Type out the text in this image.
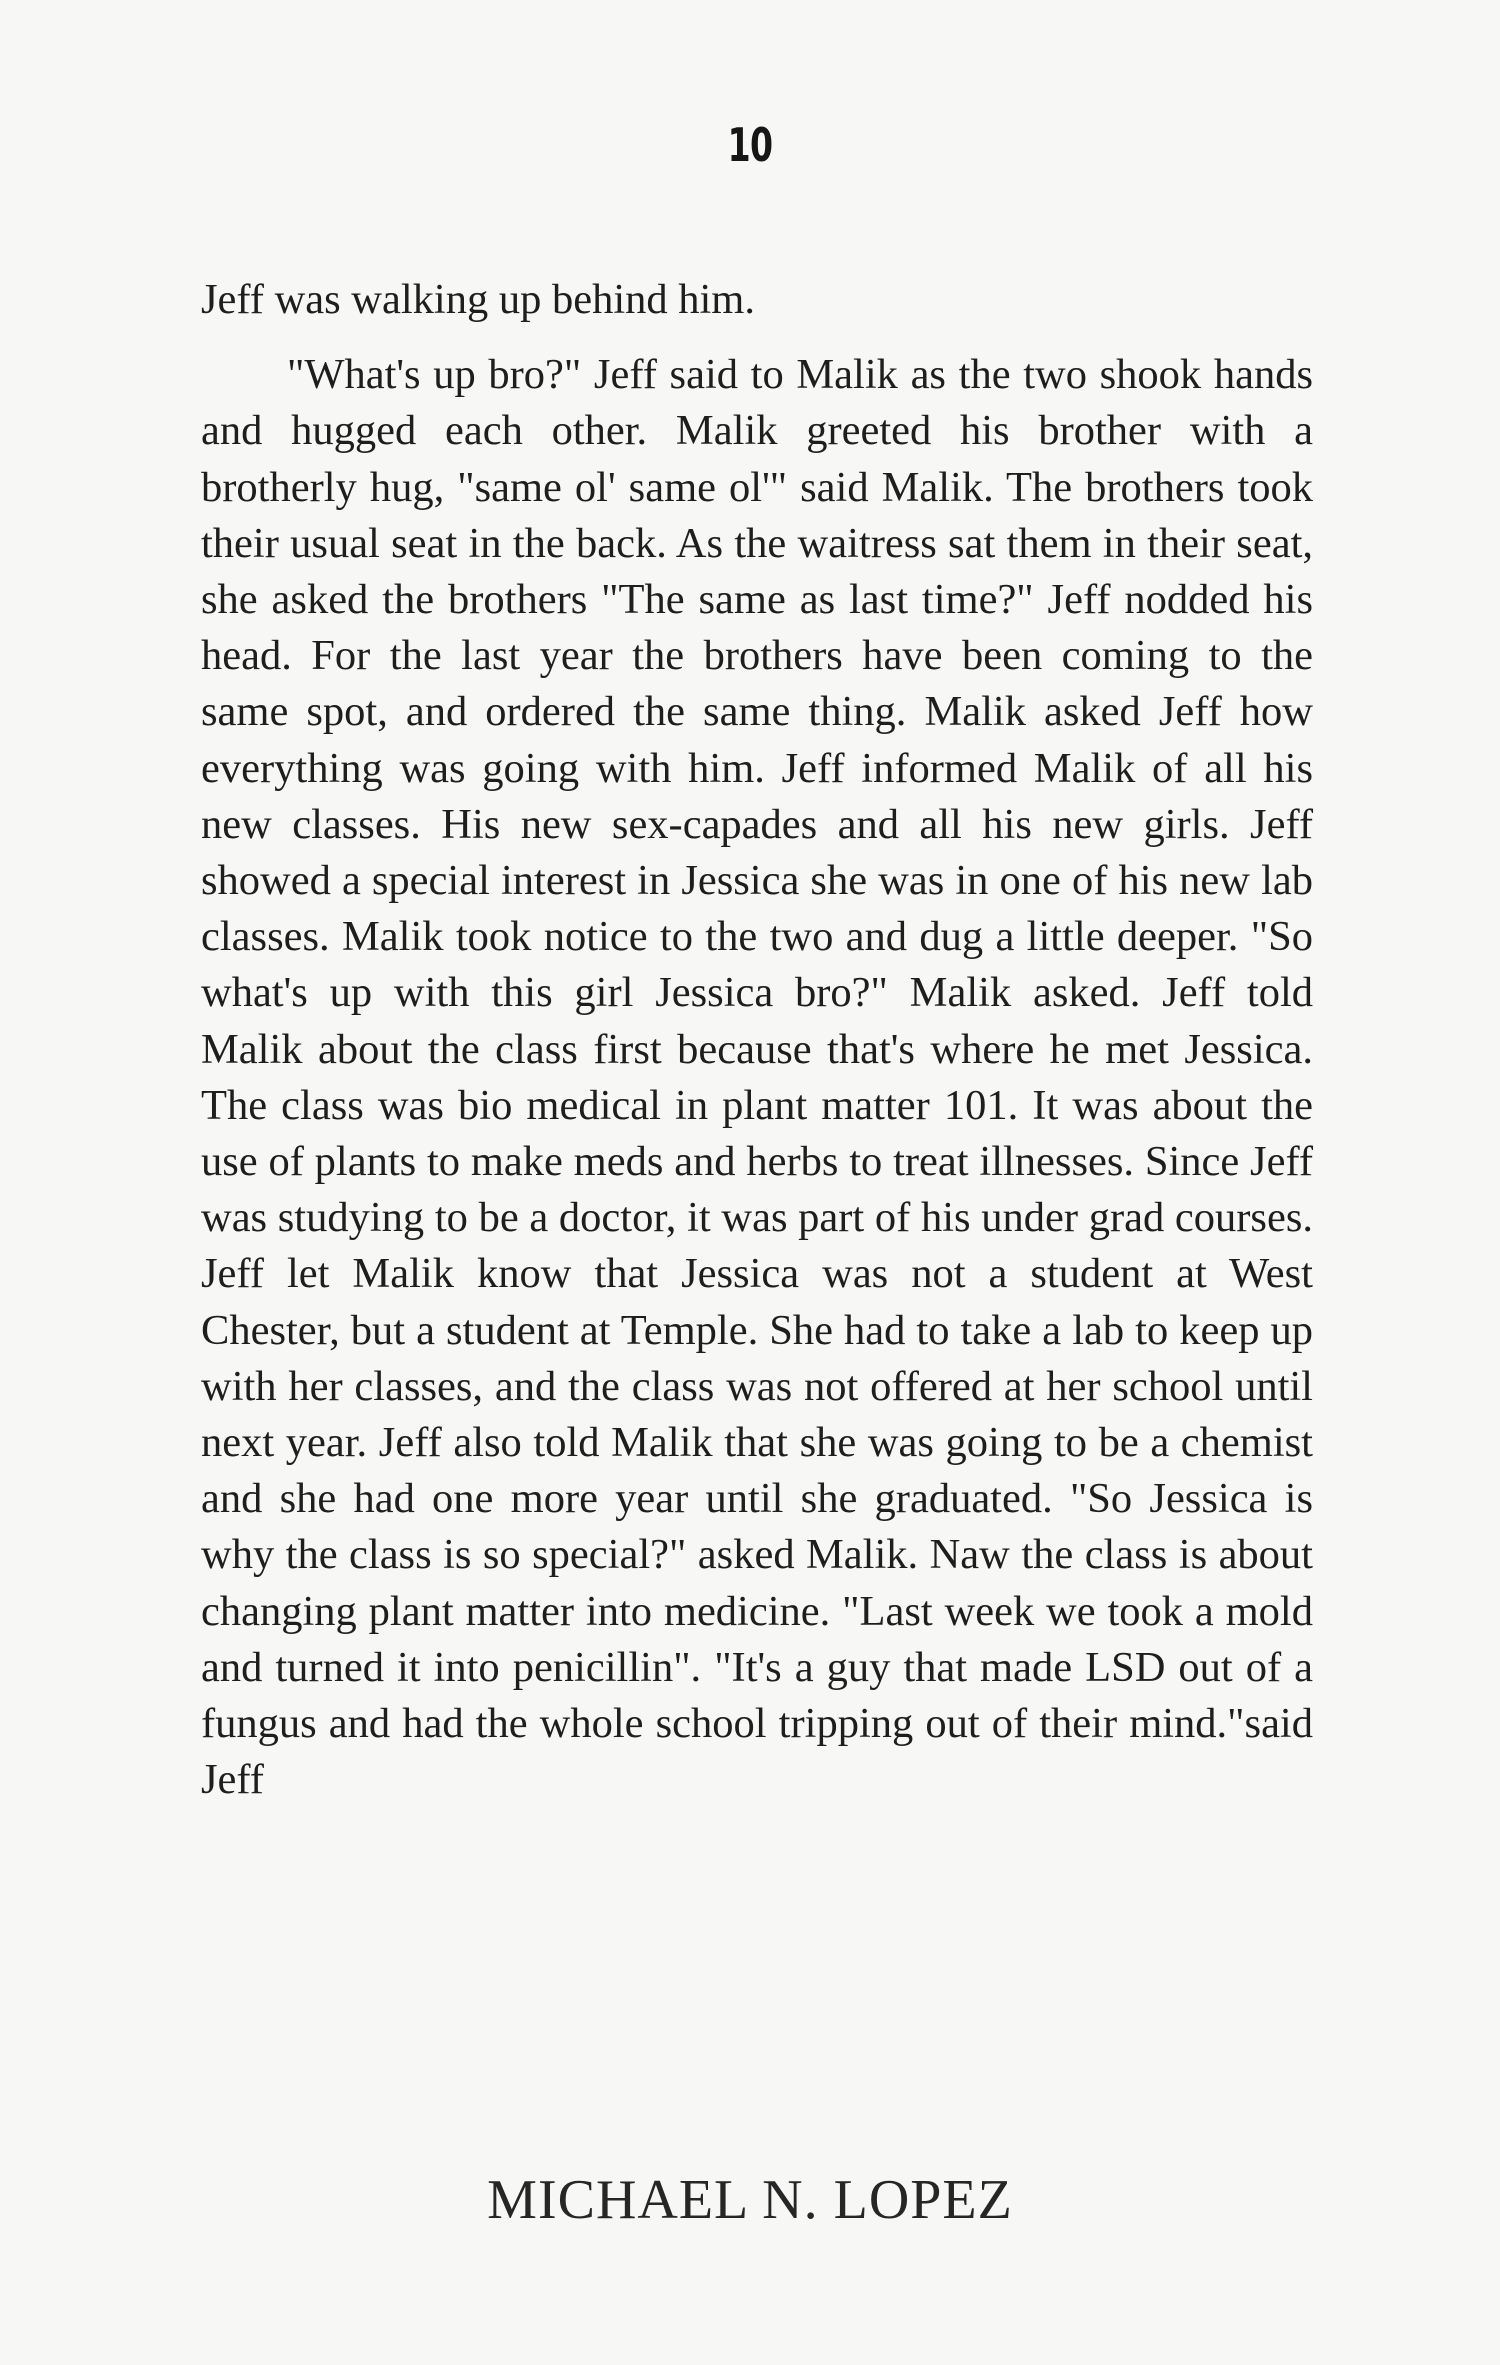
10

Jeff was walking up behind him.

"What's up bro?" Jeff said to Malik as the two shook hands and hugged each other. Malik greeted his brother with a brotherly hug, "same ol' same ol'" said Malik. The brothers took their usual seat in the back. As the waitress sat them in their seat, she asked the brothers "The same as last time?" Jeff nodded his head. For the last year the brothers have been coming to the same spot, and ordered the same thing. Malik asked Jeff how everything was going with him. Jeff informed Malik of all his new classes. His new sex-capades and all his new girls. Jeff showed a special interest in Jessica she was in one of his new lab classes. Malik took notice to the two and dug a little deeper. "So what's up with this girl Jessica bro?" Malik asked. Jeff told Malik about the class first because that's where he met Jessica. The class was bio medical in plant matter 101. It was about the use of plants to make meds and herbs to treat illnesses. Since Jeff was studying to be a doctor, it was part of his under grad courses. Jeff let Malik know that Jessica was not a student at West Chester, but a student at Temple. She had to take a lab to keep up with her classes, and the class was not offered at her school until next year. Jeff also told Malik that she was going to be a chemist and she had one more year until she graduated. "So Jessica is why the class is so special?" asked Malik. Naw the class is about changing plant matter into medicine. "Last week we took a mold and turned it into penicillin". "It's a guy that made LSD out of a fungus and had the whole school tripping out of their mind."said Jeff

MICHAEL N. LOPEZ
